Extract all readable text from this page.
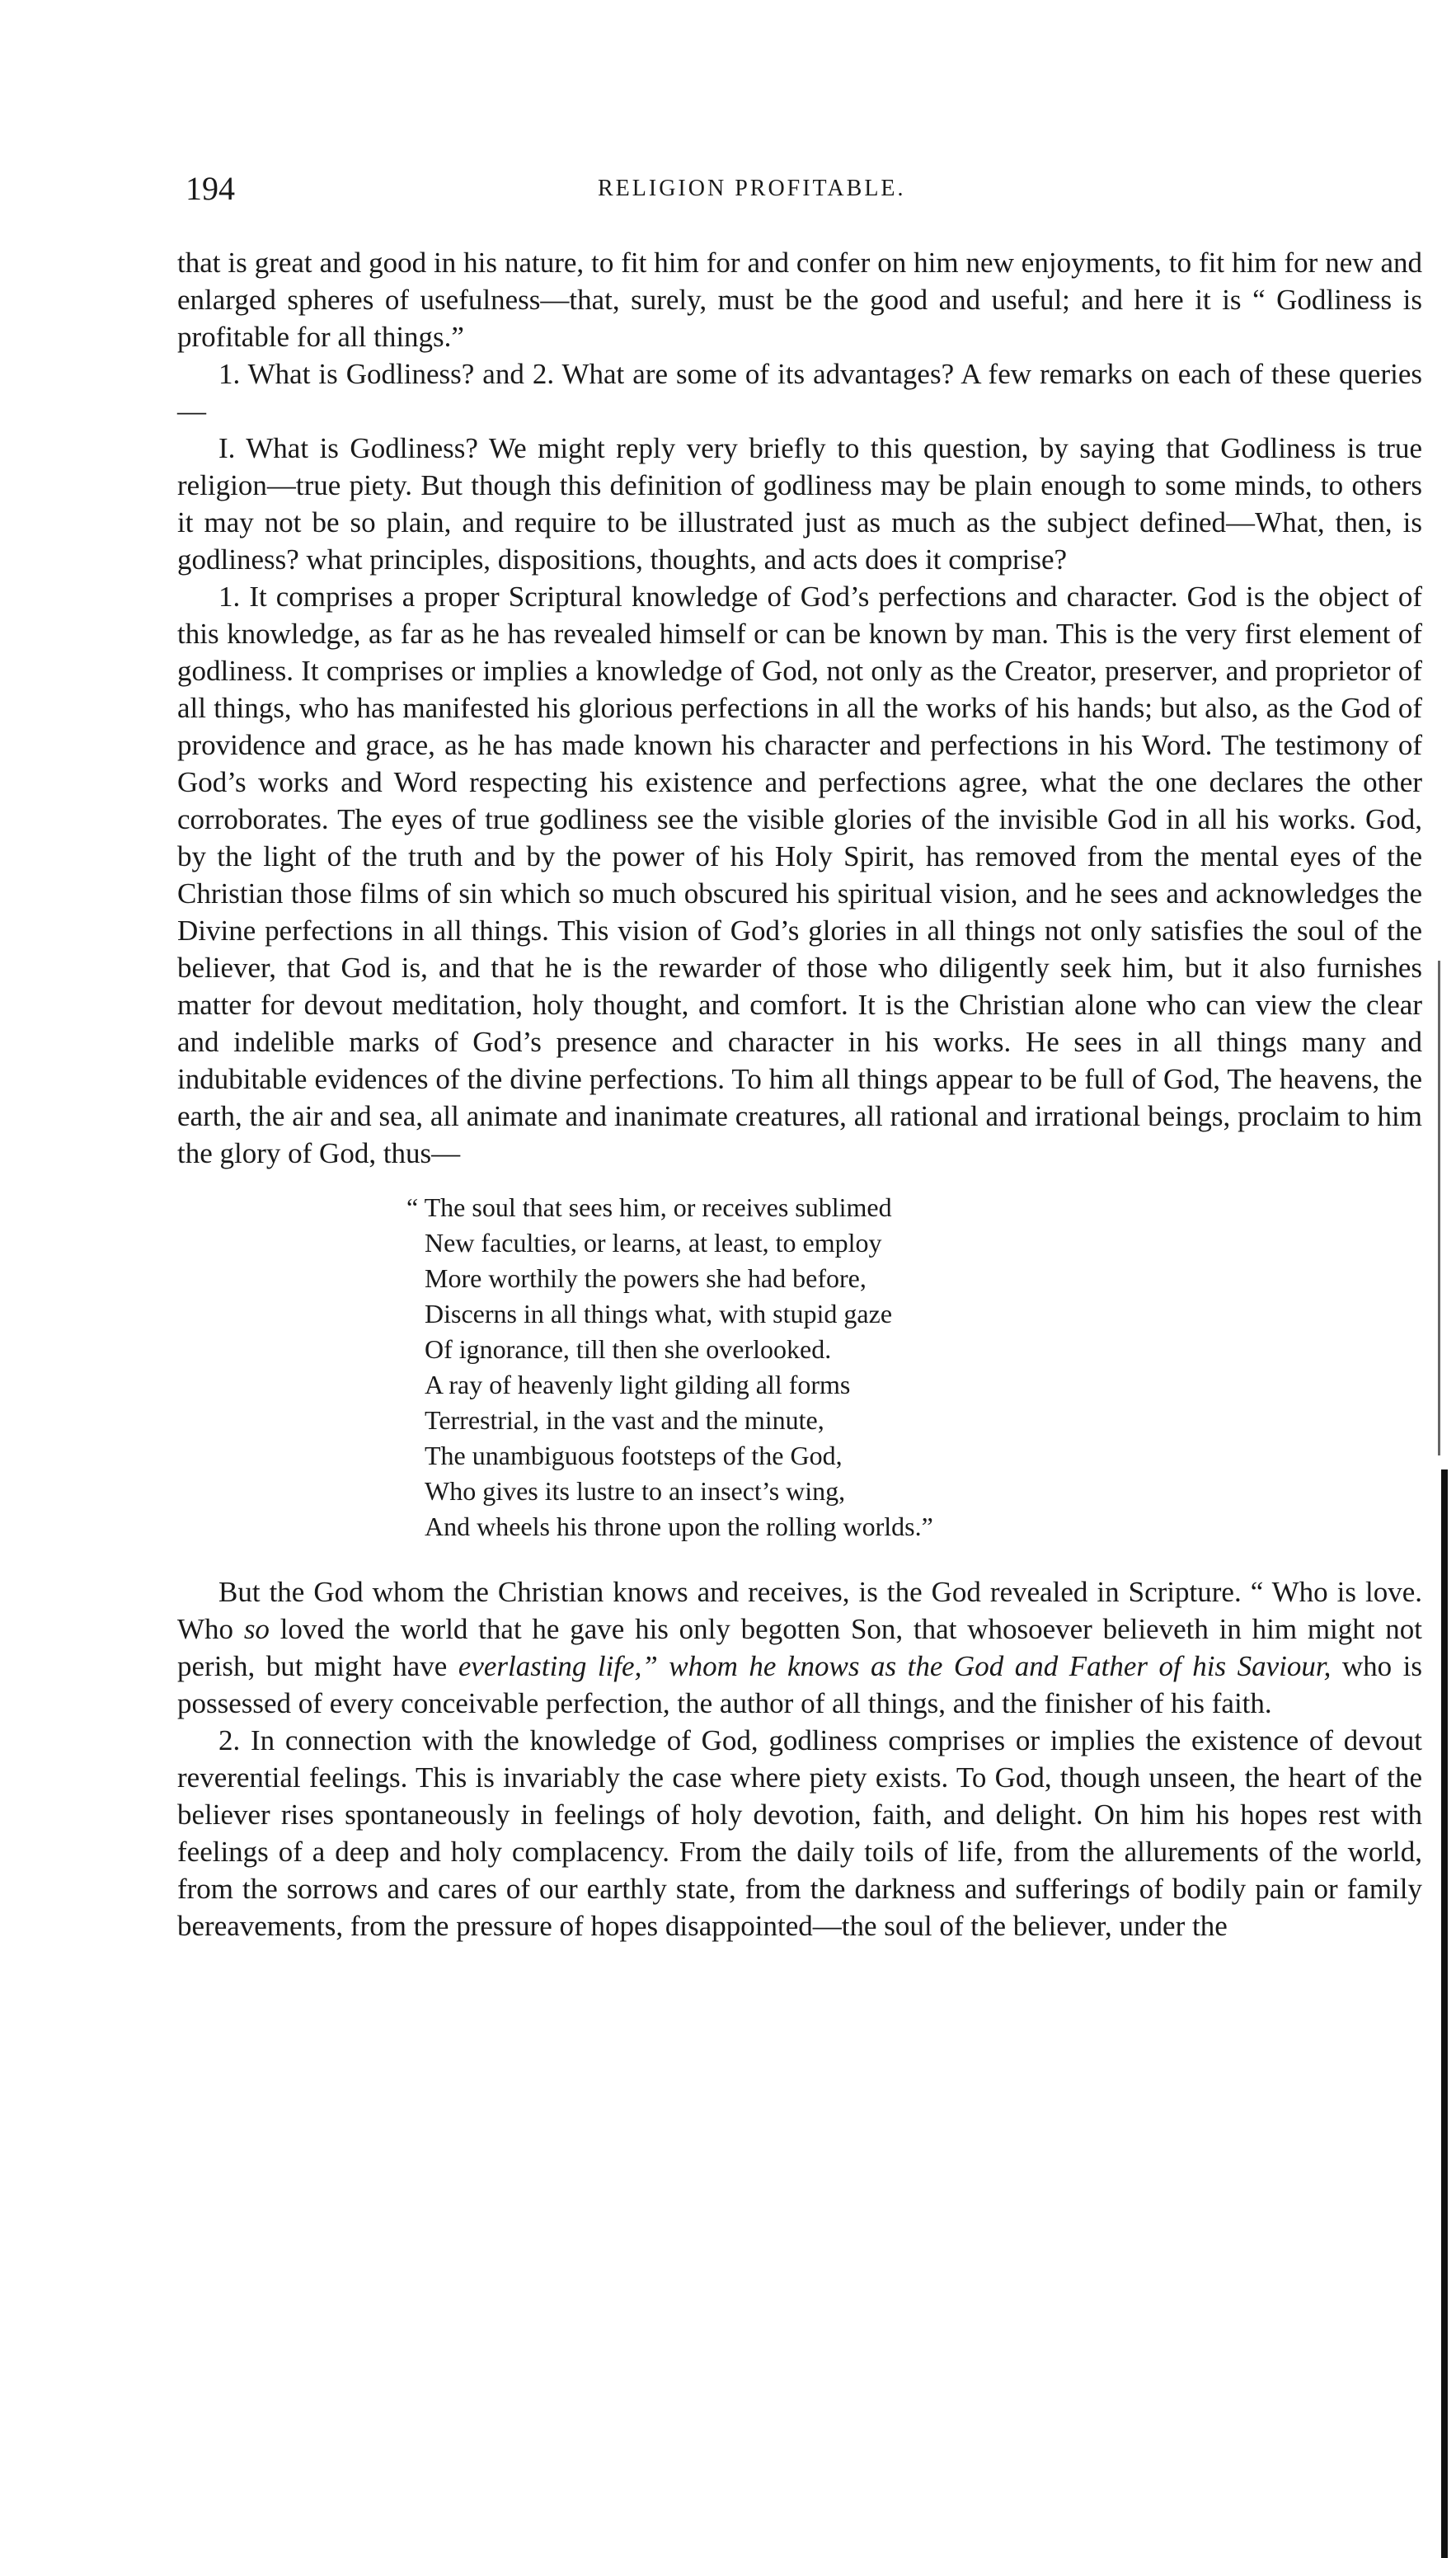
194	RELIGION PROFITABLE.

that is great and good in his nature, to fit him for and confer on him new enjoyments, to fit him for new and enlarged spheres of usefulness—that, surely, must be the good and useful; and here it is “ Godliness is profitable for all things.”

1. What is Godliness? and 2. What are some of its advantages? A few remarks on each of these queries—

I. What is Godliness? We might reply very briefly to this question, by saying that Godliness is true religion—true piety. But though this definition of godliness may be plain enough to some minds, to others it may not be so plain, and require to be illustrated just as much as the subject defined—What, then, is godliness? what principles, dispositions, thoughts, and acts does it comprise?

1. It comprises a proper Scriptural knowledge of God’s perfections and character. God is the object of this knowledge, as far as he has revealed himself or can be known by man. This is the very first element of godliness. It comprises or implies a knowledge of God, not only as the Creator, preserver, and proprietor of all things, who has manifested his glorious perfections in all the works of his hands; but also, as the God of providence and grace, as he has made known his character and perfections in his Word. The testimony of God’s works and Word respecting his existence and perfections agree, what the one declares the other corroborates. The eyes of true godliness see the visible glories of the invisible God in all his works. God, by the light of the truth and by the power of his Holy Spirit, has removed from the mental eyes of the Christian those films of sin which so much obscured his spiritual vision, and he sees and acknowledges the Divine perfections in all things. This vision of God’s glories in all things not only satisfies the soul of the believer, that God is, and that he is the rewarder of those who diligently seek him, but it also furnishes matter for devout meditation, holy thought, and comfort. It is the Christian alone who can view the clear and indelible marks of God’s presence and character in his works. He sees in all things many and indubitable evidences of the divine perfections. To him all things appear to be full of God, The heavens, the earth, the air and sea, all animate and inanimate creatures, all rational and irrational beings, proclaim to him the glory of God, thus—

“ The soul that sees him, or receives sublimed
New faculties, or learns, at least, to employ
More worthily the powers she had before,
Discerns in all things what, with stupid gaze
Of ignorance, till then she overlooked.
A ray of heavenly light gilding all forms
Terrestrial, in the vast and the minute,
The unambiguous footsteps of the God,
Who gives its lustre to an insect’s wing,
And wheels his throne upon the rolling worlds.”

But the God whom the Christian knows and receives, is the God revealed in Scripture. “ Who is love. Who so loved the world that he gave his only begotten Son, that whosoever believeth in him might not perish, but might have everlasting life,” whom he knows as the God and Father of his Saviour, who is possessed of every conceivable perfection, the author of all things, and the finisher of his faith.

2. In connection with the knowledge of God, godliness comprises or implies the existence of devout reverential feelings. This is invariably the case where piety exists. To God, though unseen, the heart of the believer rises spontaneously in feelings of holy devotion, faith, and delight. On him his hopes rest with feelings of a deep and holy complacency. From the daily toils of life, from the allurements of the world, from the sorrows and cares of our earthly state, from the darkness and sufferings of bodily pain or family bereavements, from the pressure of hopes disappointed—the soul of the believer, under the
